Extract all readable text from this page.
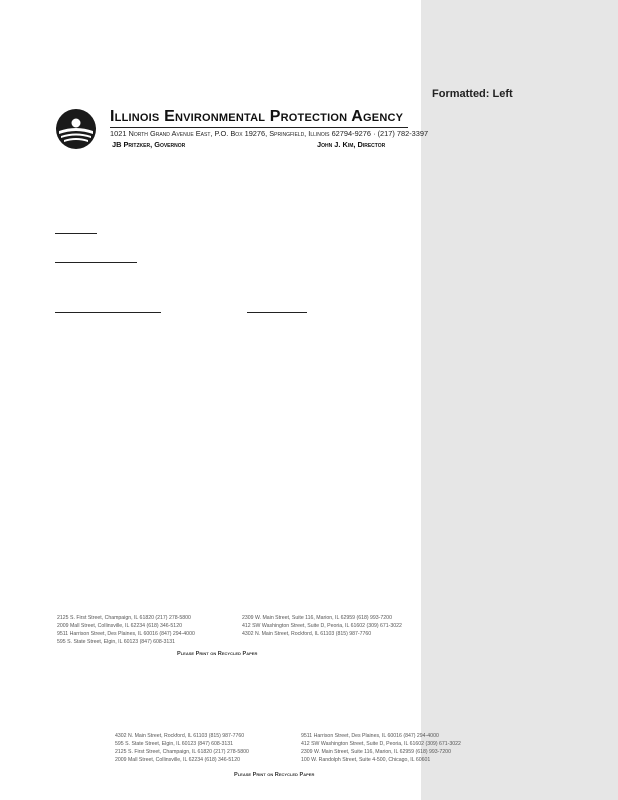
Formatted: Left
Illinois Environmental Protection Agency
1021 North Grand Avenue East, P.O. Box 19276, Springfield, Illinois 62794-9276 · (217) 782-3397
JB Pritzker, Governor	John J. Kim, Director
2125 S. First Street, Champaign, IL 61820 (217) 278-5800
2009 Mall Street, Collinsville, IL 62234 (618) 346-5120
9511 Harrison Street, Des Plaines, IL 60016 (847) 294-4000
595 S. State Street, Elgin, IL 60123 (847) 608-3131
2309 W. Main Street, Suite 116, Marion, IL 62959 (618) 993-7200
412 SW Washington Street, Suite D, Peoria, IL 61602 (309) 671-3022
4302 N. Main Street, Rockford, IL 61103 (815) 987-7760
Please Print on Recycled Paper
4302 N. Main Street, Rockford, IL 61103 (815) 987-7760
595 S. State Street, Elgin, IL 60123 (847) 608-3131
2125 S. First Street, Champaign, IL 61820 (217) 278-5800
2009 Mall Street, Collinsville, IL 62234 (618) 346-5120
9511 Harrison Street, Des Plaines, IL 60016 (847) 294-4000
412 SW Washington Street, Suite D, Peoria, IL 61602 (309) 671-3022
2309 W. Main Street, Suite 116, Marion, IL 62959 (618) 993-7200
100 W. Randolph Street, Suite 4-500, Chicago, IL 60601
Please Print on Recycled Paper
